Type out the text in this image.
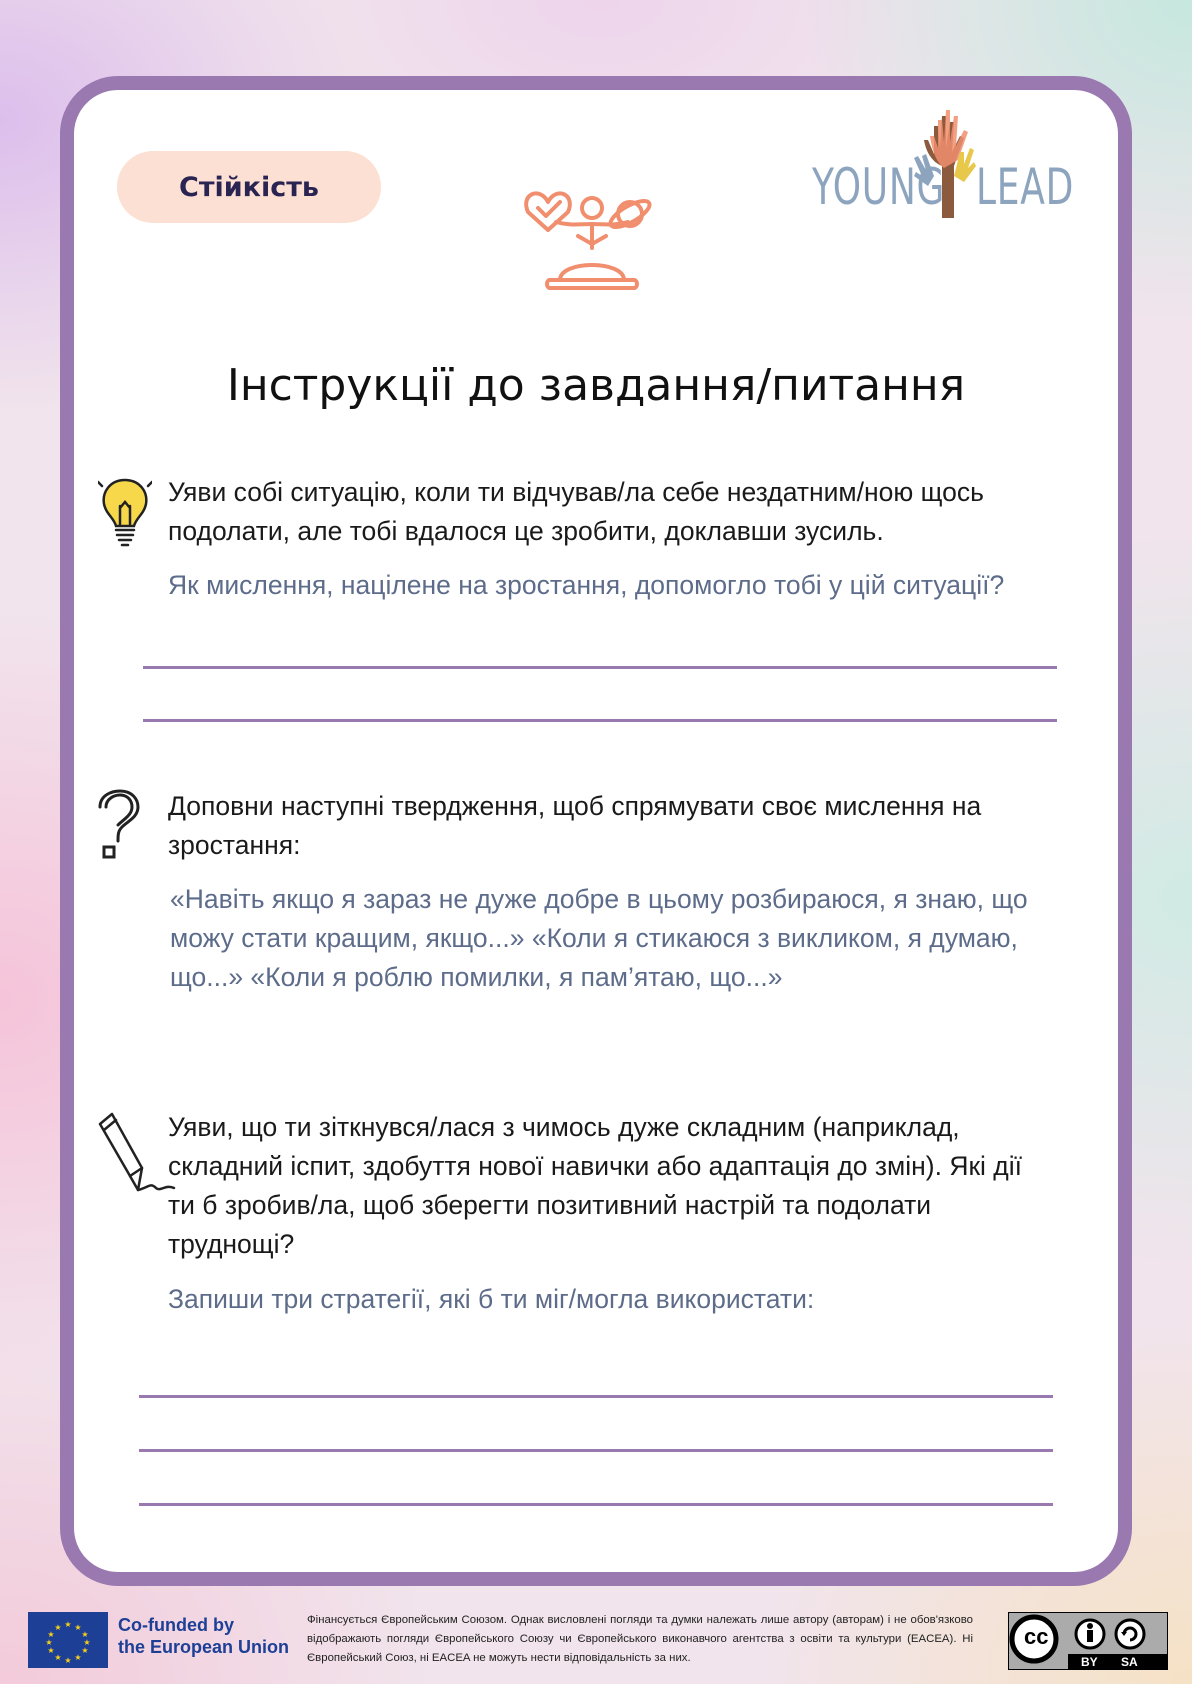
Стійкість	YOUNG LEAD
Інструкції до завдання/питання

Уяви собі ситуацію, коли ти відчував/ла себе нездатним/ною щось подолати, але тобі вдалося це зробити, доклавши зусиль.

Як мислення, націлене на зростання, допомогло тобі у цій ситуації?

Доповни наступні твердження, щоб спрямувати своє мислення на зростання:

«Навіть якщо я зараз не дуже добре в цьому розбираюся, я знаю, що можу стати кращим, якщо...» «Коли я стикаюся з викликом, я думаю, що...» «Коли я роблю помилки, я пам’ятаю, що...»

Уяви, що ти зіткнувся/лася з чимось дуже складним (наприклад, складний іспит, здобуття нової навички або адаптація до змін). Які дії ти б зробив/ла, щоб зберегти позитивний настрій та подолати труднощі?

Запиши три стратегії, які б ти міг/могла використати:

★ ★
★
★
★
★
★
★
★
★
★
★	Co-funded by
the European Union

Фінансується Європейським Союзом. Однак висловлені погляди та думки належать лише автору (авторам) і не обов'язково відображають погляди Європейського Союзу чи Європейського виконавчого агентства з освіти та культури (EACEA). Ні Європейський Союз, ні EACEA не можуть нести відповідальність за них.

cc
BY SA
